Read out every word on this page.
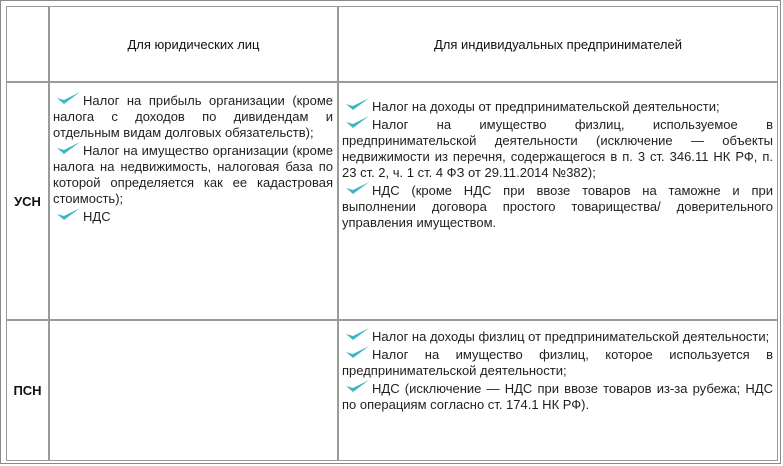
Для юридических лиц	Для индивидуальных предпринимателей
УСН

Налог на прибыль организации (кроме налога с доходов по дивидендам и отдельным видам долговых обязательств);

Налог на имущество организации (кроме налога на недвижимость, налоговая база по которой определяется как ее кадастровая стоимость);

НДС

Налог на доходы от предпринимательской деятельности;

Налог на имущество физлиц, используемое в предпринимательской деятельности (исключение — объекты недвижимости из перечня, содержащегося в п. 3 ст. 346.11 НК РФ, п. 23 ст. 2, ч. 1 ст. 4 ФЗ от 29.11.2014 №382);

НДС (кроме НДС при ввозе товаров на таможне и при выполнении договора простого товарищества/ доверительного управления имуществом.

ПСН

Налог на доходы физлиц от предпринимательской деятельности;

Налог на имущество физлиц, которое используется в предпринимательской деятельности;

НДС (исключение — НДС при ввозе товаров из-за рубежа; НДС по операциям согласно ст. 174.1 НК РФ).
